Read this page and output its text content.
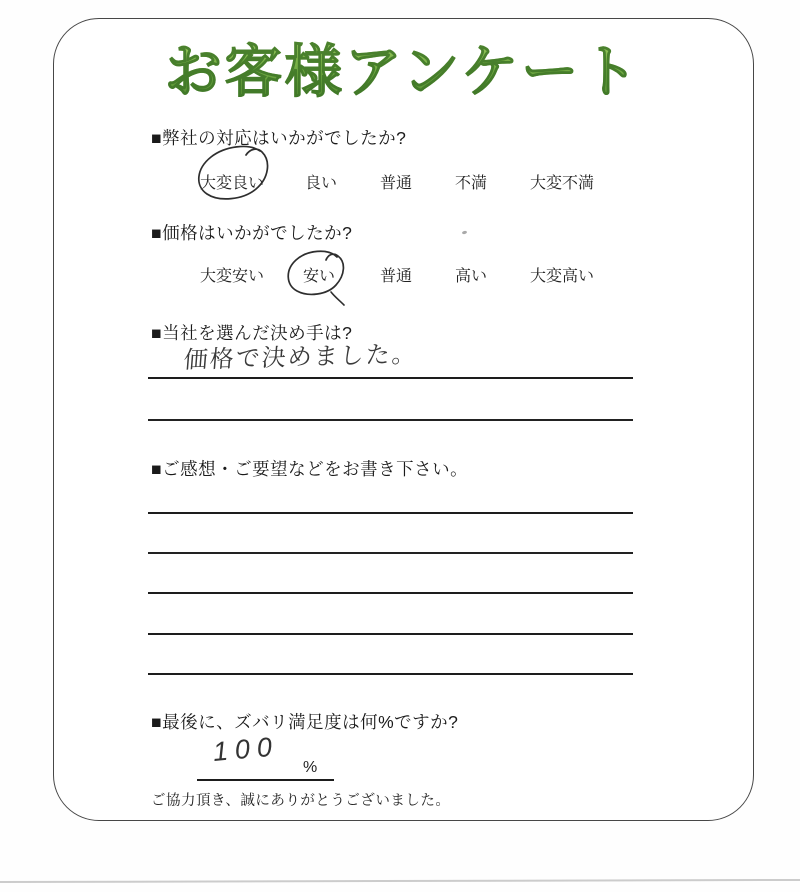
お客様アンケート
■弊社の対応はいかがでしたか?
大変良い	良い	普通	不満	大変不満
■価格はいかがでしたか?
大変安い 安い	普通	高い	大変高い
■当社を選んだ決め手は?
価格で決めました。
■ご感想・ご要望などをお書き下さい。
■最後に、ズバリ満足度は何%ですか?
100
%
ご協力頂き、誠にありがとうございました。
